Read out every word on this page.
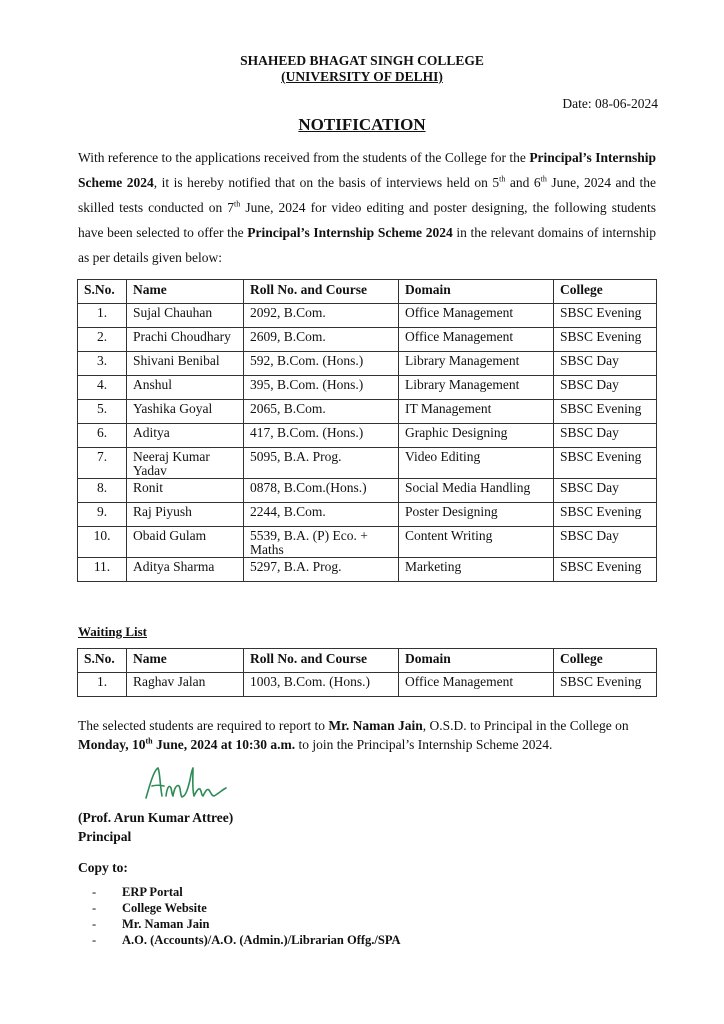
SHAHEED BHAGAT SINGH COLLEGE
(UNIVERSITY OF DELHI)
Date: 08-06-2024
NOTIFICATION
With reference to the applications received from the students of the College for the Principal’s Internship Scheme 2024, it is hereby notified that on the basis of interviews held on 5th and 6th June, 2024 and the skilled tests conducted on 7th June, 2024 for video editing and poster designing, the following students have been selected to offer the Principal’s Internship Scheme 2024 in the relevant domains of internship as per details given below:
S.No.	Name	Roll No. and Course	Domain	College
1.	Sujal Chauhan	2092, B.Com.	Office Management	SBSC Evening
2.	Prachi Choudhary	2609, B.Com.	Office Management	SBSC Evening
3.	Shivani Benibal	592, B.Com. (Hons.)	Library Management	SBSC Day
4.	Anshul	395, B.Com. (Hons.)	Library Management	SBSC Day
5.	Yashika Goyal	2065, B.Com.	IT Management	SBSC Evening
6.	Aditya	417, B.Com. (Hons.)	Graphic Designing	SBSC Day
7.	Neeraj Kumar Yadav	5095, B.A. Prog.	Video Editing	SBSC Evening
8.	Ronit	0878, B.Com.(Hons.)	Social Media Handling	SBSC Day
9.	Raj Piyush	2244, B.Com.	Poster Designing	SBSC Evening
10.	Obaid Gulam	5539, B.A. (P) Eco. + Maths	Content Writing	SBSC Day
11.	Aditya Sharma	5297, B.A. Prog.	Marketing	SBSC Evening
Waiting List
S.No.	Name	Roll No. and Course	Domain	College
1.	Raghav Jalan	1003, B.Com. (Hons.)	Office Management	SBSC Evening
The selected students are required to report to Mr. Naman Jain, O.S.D. to Principal in the College on Monday, 10th June, 2024 at 10:30 a.m. to join the Principal’s Internship Scheme 2024.
(Prof. Arun Kumar Attree)
Principal
Copy to:
- ERP Portal
- College Website
- Mr. Naman Jain
- A.O. (Accounts)/A.O. (Admin.)/Librarian Offg./SPA
